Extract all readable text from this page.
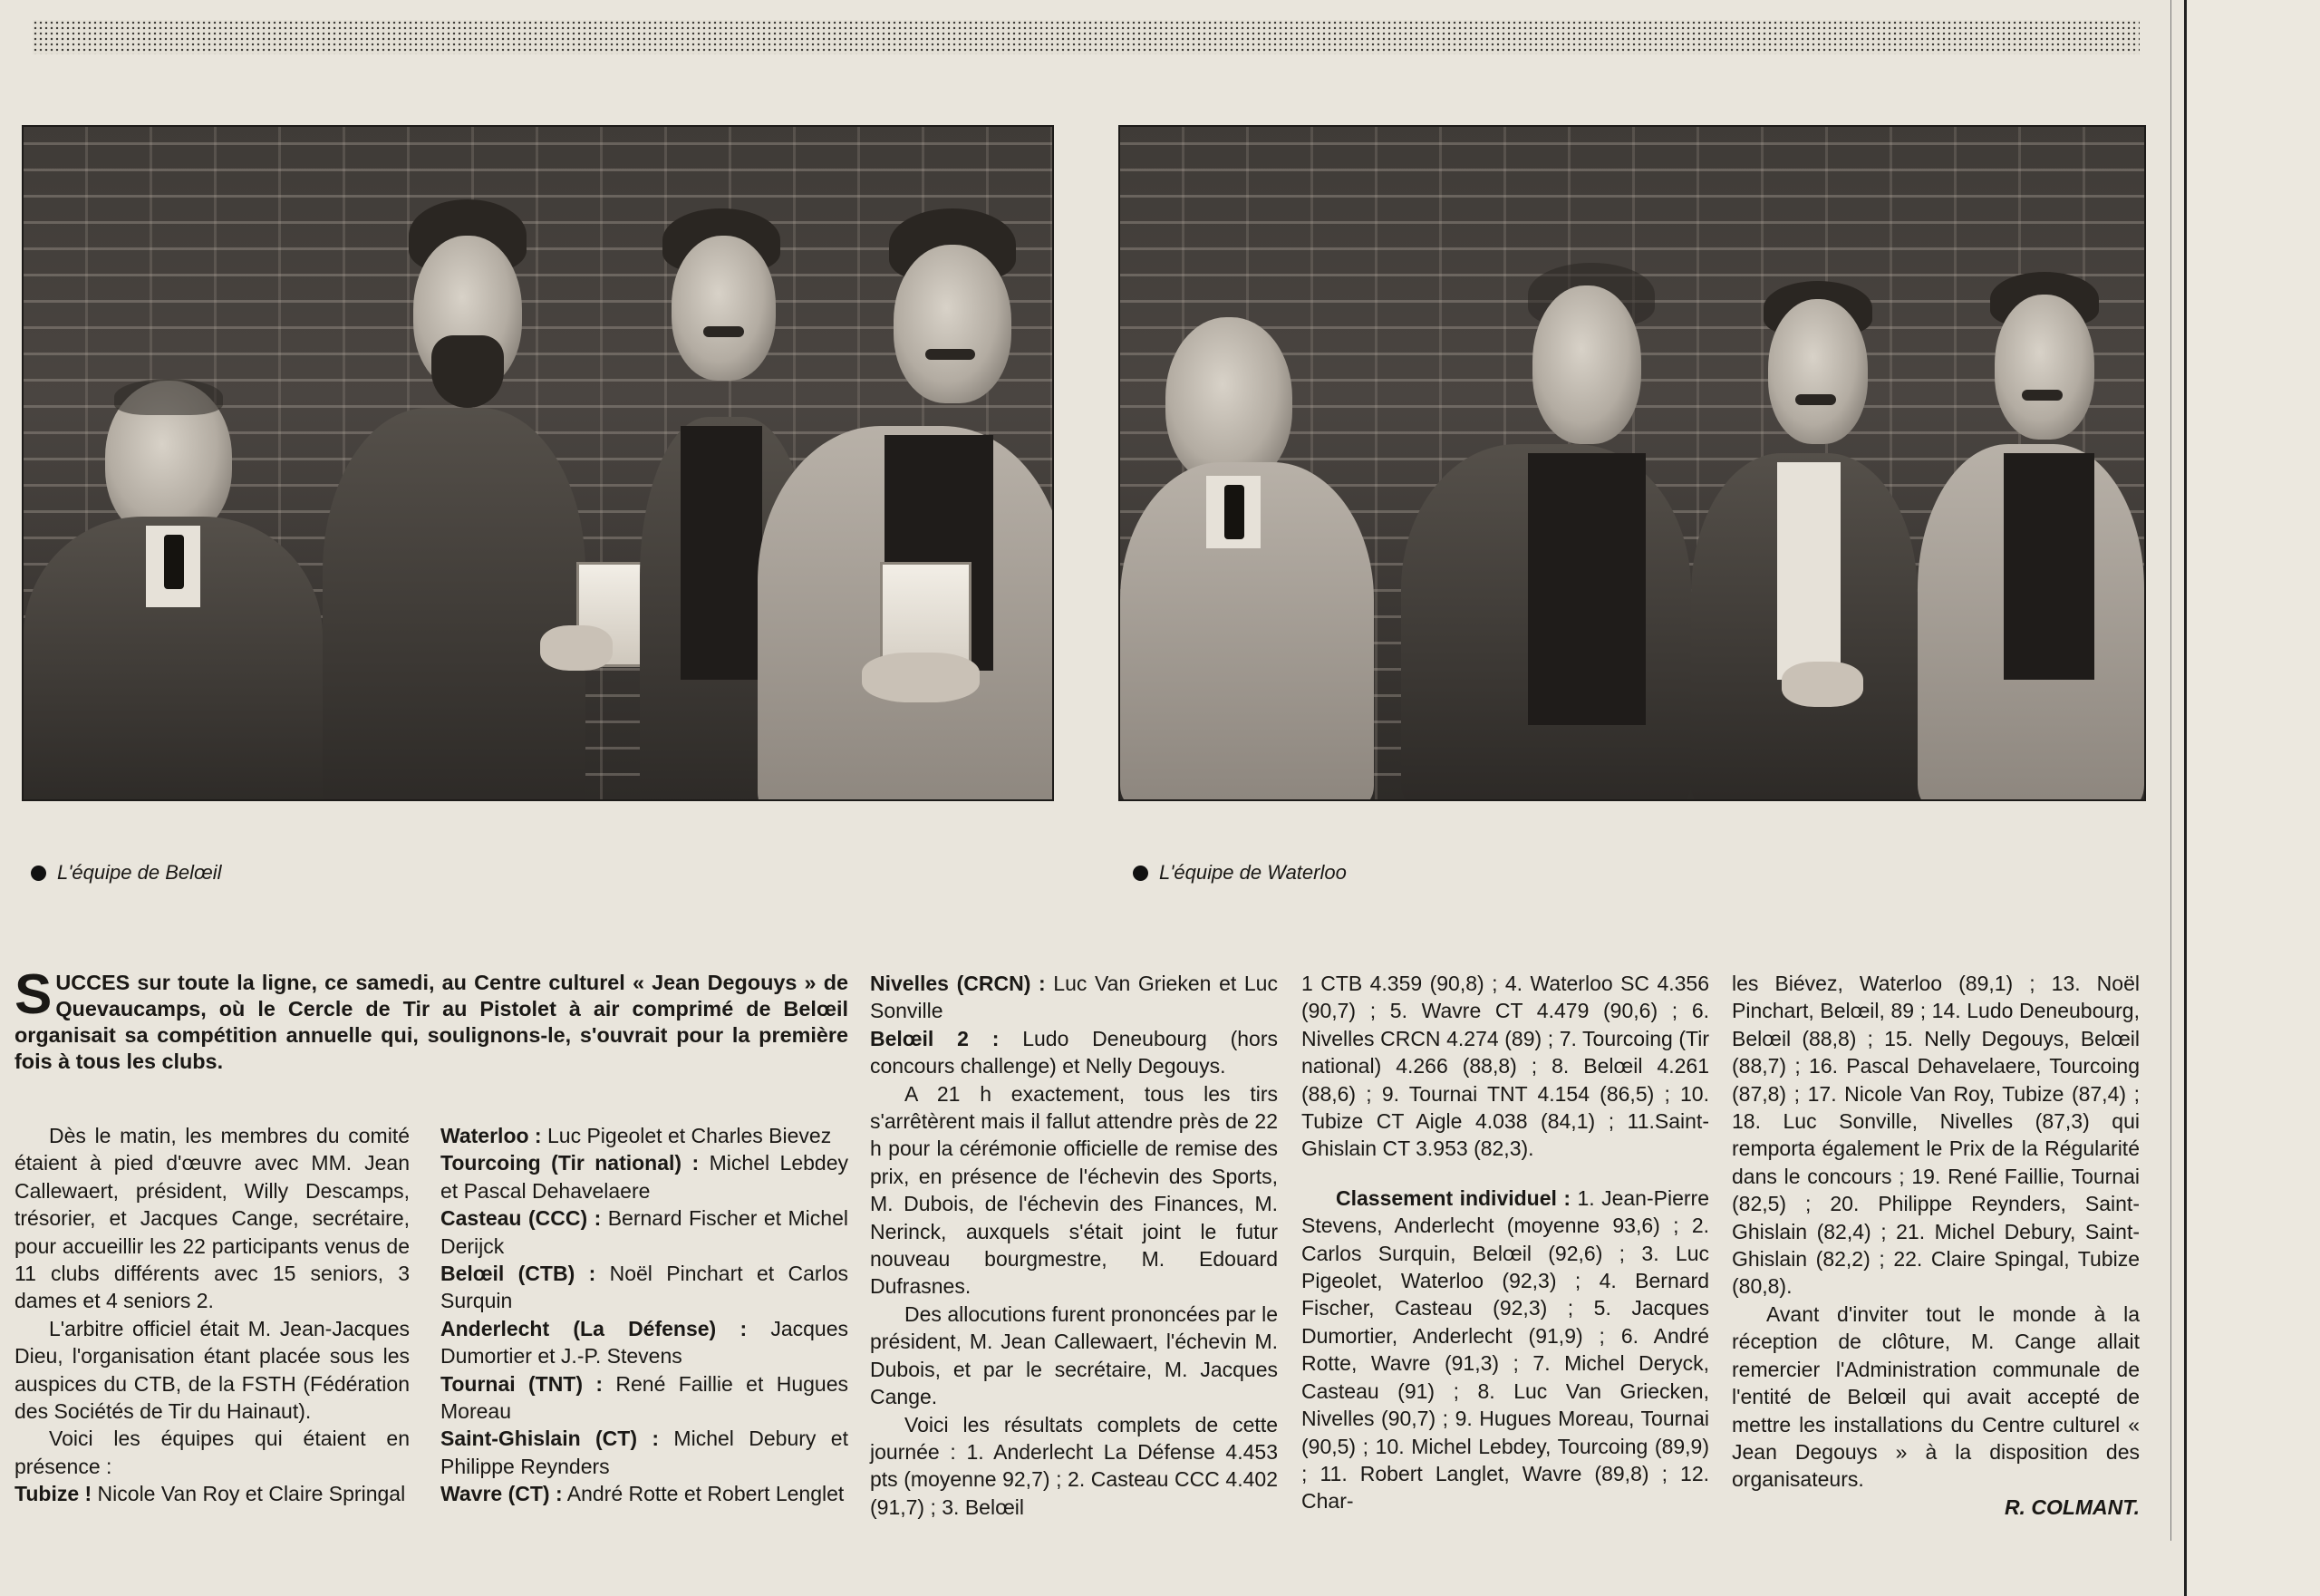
L'équipe de Belœil	L'équipe de Waterloo
SUCCES sur toute la ligne, ce samedi, au Centre culturel « Jean Degouys » de Quevaucamps, où le Cercle de Tir au Pistolet à air comprimé de Belœil organisait sa compétition annuelle qui, soulignons-le, s'ouvrait pour la première fois à tous les clubs.

Dès le matin, les membres du comité étaient à pied d'œuvre avec MM. Jean Callewaert, président, Willy Descamps, trésorier, et Jacques Cange, secrétaire, pour accueillir les 22 participants venus de 11 clubs différents avec 15 seniors, 3 dames et 4 seniors 2.

L'arbitre officiel était M. Jean-Jacques Dieu, l'organisation étant placée sous les auspices du CTB, de la FSTH (Fédération des Sociétés de Tir du Hainaut).

Voici les équipes qui étaient en présence :

Tubize ! Nicole Van Roy et Claire Springal

Waterloo : Luc Pigeolet et Charles Bievez

Tourcoing (Tir national) : Michel Lebdey et Pascal Dehavelaere

Casteau (CCC) : Bernard Fischer et Michel Derijck

Belœil (CTB) : Noël Pinchart et Carlos Surquin

Anderlecht (La Défense) : Jacques Dumortier et J.-P. Stevens

Tournai (TNT) : René Faillie et Hugues Moreau

Saint-Ghislain (CT) : Michel Debury et Philippe Reynders

Wavre (CT) : André Rotte et Robert Lenglet

Nivelles (CRCN) : Luc Van Grieken et Luc Sonville

Belœil 2 : Ludo Deneubourg (hors concours challenge) et Nelly Degouys.

A 21 h exactement, tous les tirs s'arrêtèrent mais il fallut attendre près de 22 h pour la cérémonie officielle de remise des prix, en présence de l'échevin des Sports, M. Dubois, de l'échevin des Finances, M. Nerinck, auxquels s'était joint le futur nouveau bourgmestre, M. Edouard Dufrasnes.

Des allocutions furent prononcées par le président, M. Jean Callewaert, l'échevin M. Dubois, et par le secrétaire, M. Jacques Cange.

Voici les résultats complets de cette journée : 1. Anderlecht La Défense 4.453 pts (moyenne 92,7) ; 2. Casteau CCC 4.402 (91,7) ; 3. Belœil

1 CTB 4.359 (90,8) ; 4. Waterloo SC 4.356 (90,7) ; 5. Wavre CT 4.479 (90,6) ; 6. Nivelles CRCN 4.274 (89) ; 7. Tourcoing (Tir national) 4.266 (88,8) ; 8. Belœil 4.261 (88,6) ; 9. Tournai TNT 4.154 (86,5) ; 10. Tubize CT Aigle 4.038 (84,1) ; 11.Saint-Ghislain CT 3.953 (82,3).

Classement individuel : 1. Jean-Pierre Stevens, Anderlecht (moyenne 93,6) ; 2. Carlos Surquin, Belœil (92,6) ; 3. Luc Pigeolet, Waterloo (92,3) ; 4. Bernard Fischer, Casteau (92,3) ; 5. Jacques Dumortier, Anderlecht (91,9) ; 6. André Rotte, Wavre (91,3) ; 7. Michel Deryck, Casteau (91) ; 8. Luc Van Griecken, Nivelles (90,7) ; 9. Hugues Moreau, Tournai (90,5) ; 10. Michel Lebdey, Tourcoing (89,9) ; 11. Robert Langlet, Wavre (89,8) ; 12. Char-

les Biévez, Waterloo (89,1) ; 13. Noël Pinchart, Belœil, 89 ; 14. Ludo Deneubourg, Belœil (88,8) ; 15. Nelly Degouys, Belœil (88,7) ; 16. Pascal Dehavelaere, Tourcoing (87,8) ; 17. Nicole Van Roy, Tubize (87,4) ; 18. Luc Sonville, Nivelles (87,3) qui remporta également le Prix de la Régularité dans le concours ; 19. René Faillie, Tournai (82,5) ; 20. Philippe Reynders, Saint-Ghislain (82,4) ; 21. Michel Debury, Saint-Ghislain (82,2) ; 22. Claire Spingal, Tubize (80,8).

Avant d'inviter tout le monde à la réception de clôture, M. Cange allait remercier l'Administration communale de l'entité de Belœil qui avait accepté de mettre les installations du Centre culturel « Jean Degouys » à la disposition des organisateurs.

R. COLMANT.
